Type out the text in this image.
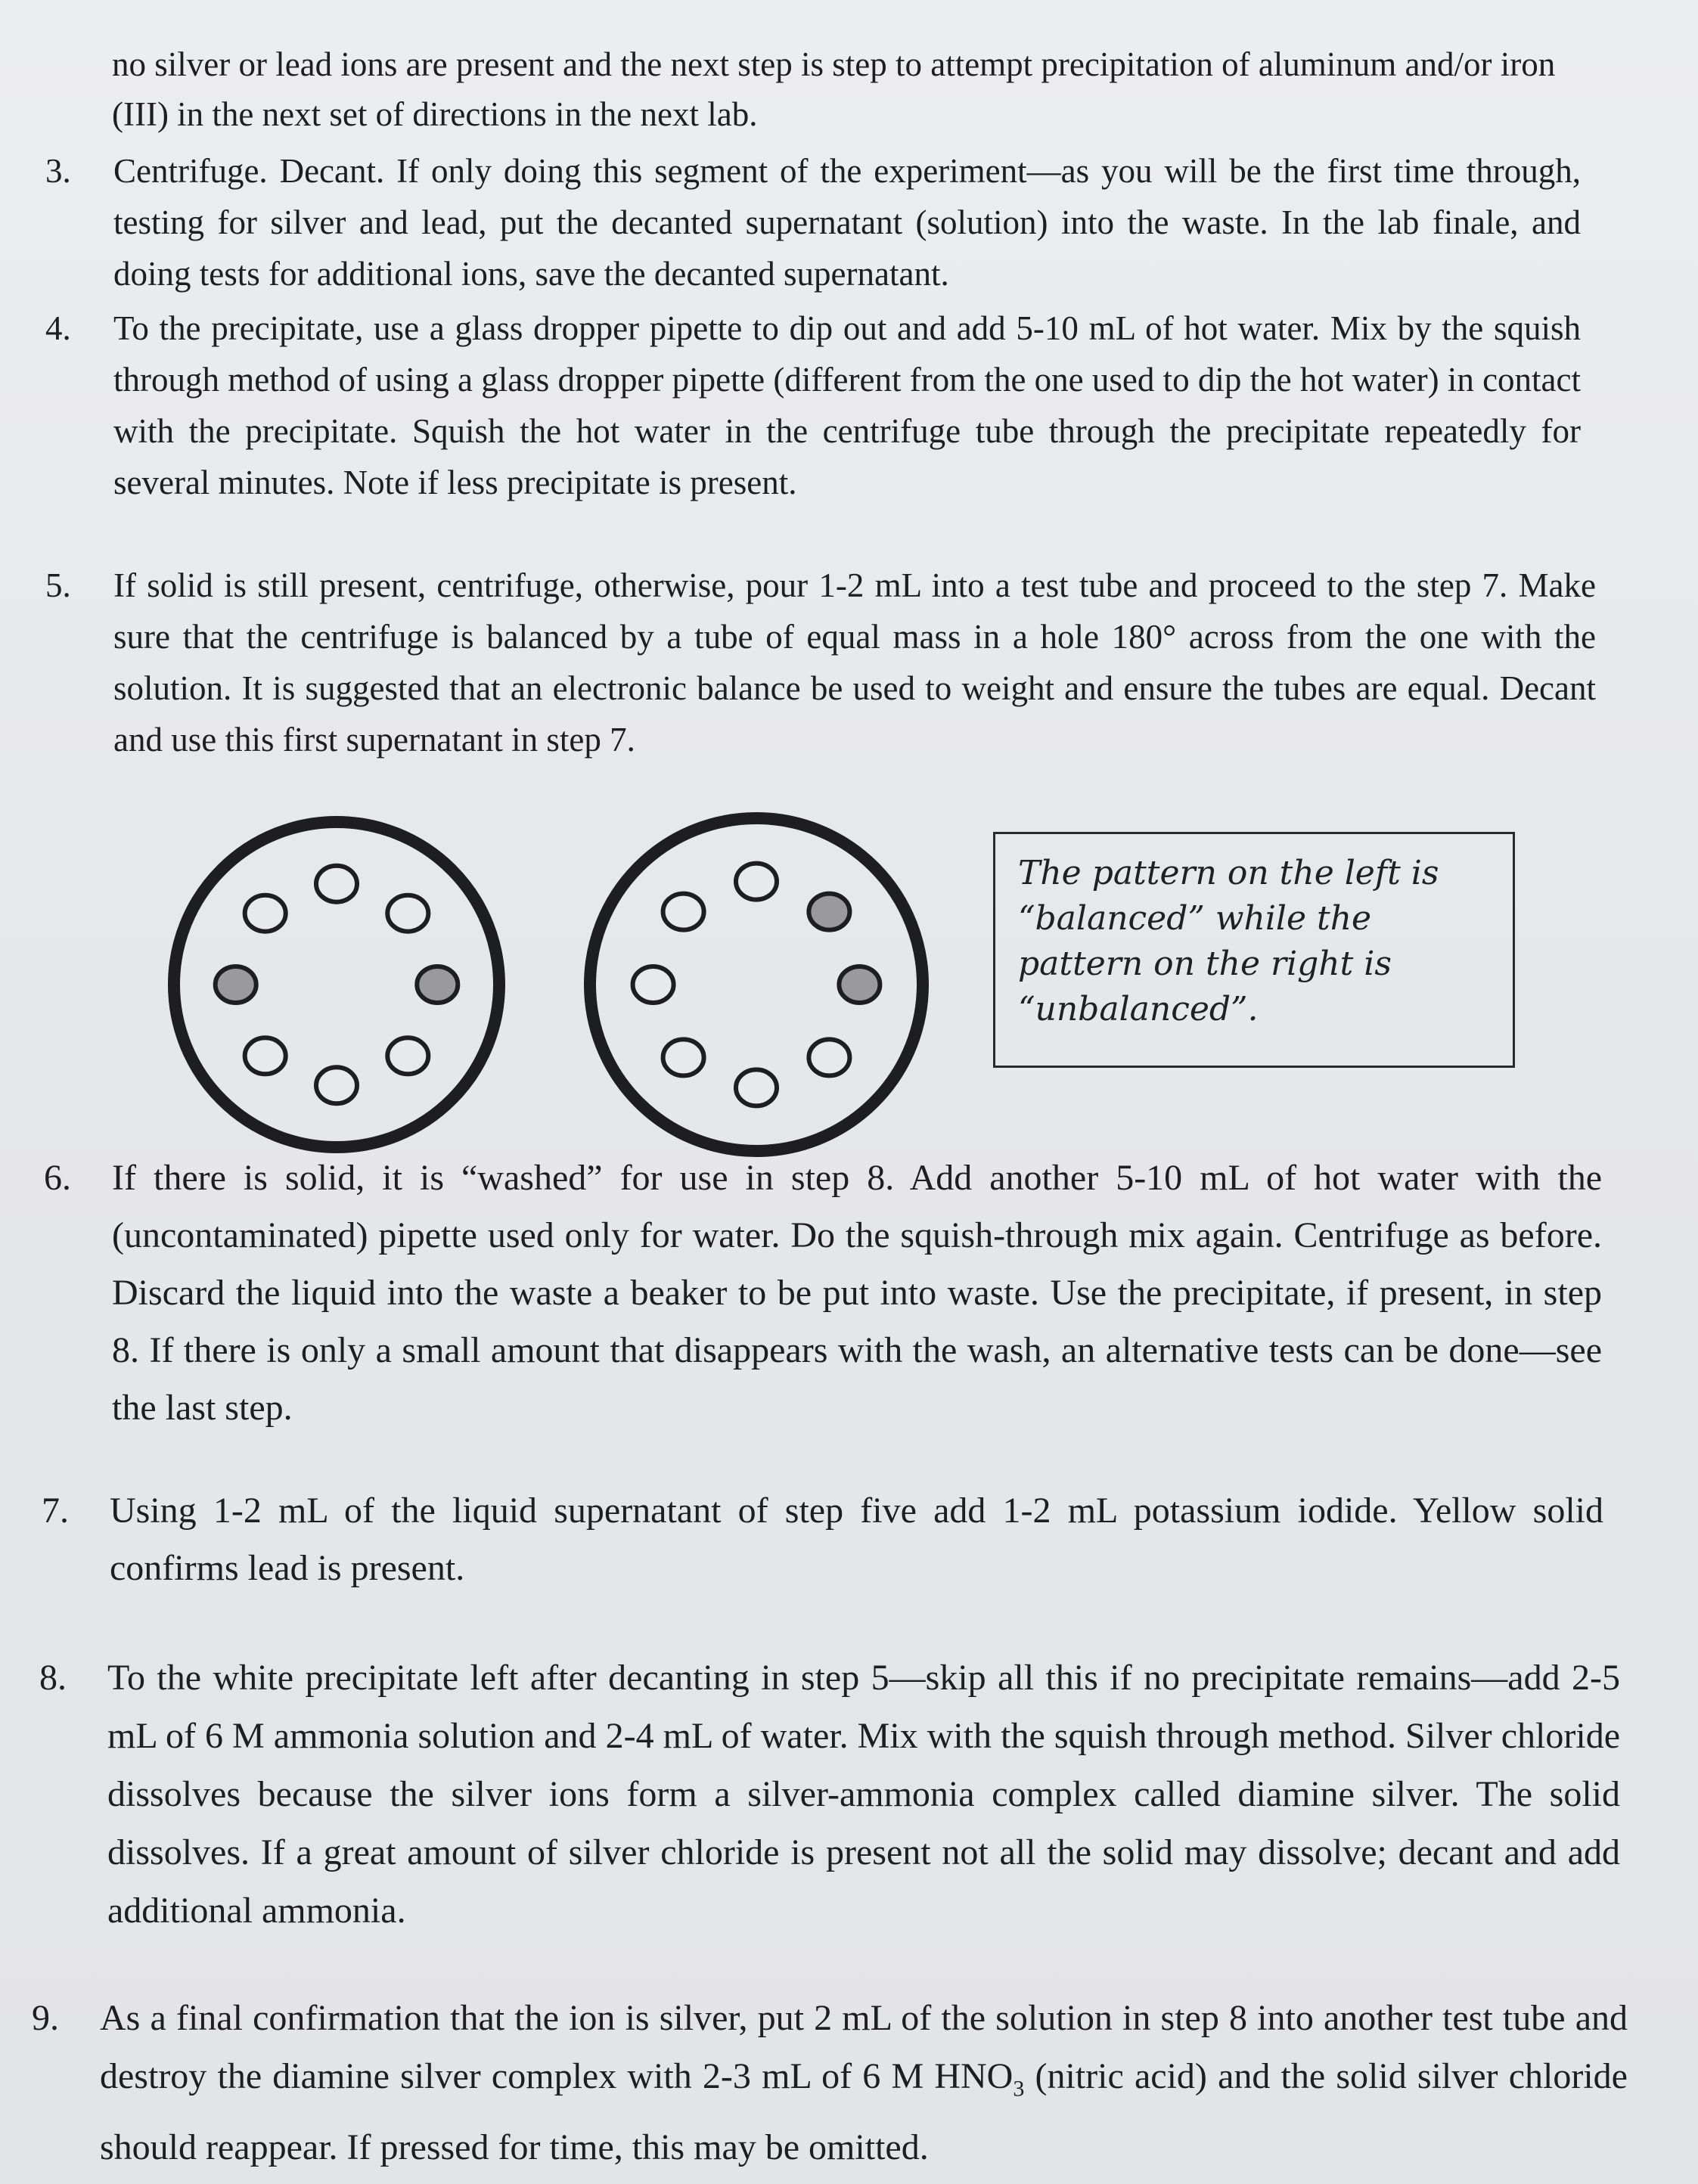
no silver or lead ions are present and the next step is step to attempt precipitation of aluminum and/or iron (III) in the next set of directions in the next lab.
3.	Centrifuge. Decant. If only doing this segment of the experiment—as you will be the first time through, testing for silver and lead, put the decanted supernatant (solution) into the waste. In the lab finale, and doing tests for additional ions, save the decanted supernatant.
4.	To the precipitate, use a glass dropper pipette to dip out and add 5-10 mL of hot water. Mix by the squish through method of using a glass dropper pipette (different from the one used to dip the hot water) in contact with the precipitate. Squish the hot water in the centrifuge tube through the precipitate repeatedly for several minutes. Note if less precipitate is present.
5.	If solid is still present, centrifuge, otherwise, pour 1-2 mL into a test tube and proceed to the step 7. Make sure that the centrifuge is balanced by a tube of equal mass in a hole 180° across from the one with the solution. It is suggested that an electronic balance be used to weight and ensure the tubes are equal. Decant and use this first supernatant in step 7.
The pattern on the left is “balanced” while the pattern on the right is “unbalanced”.
6.	If there is solid, it is “washed” for use in step 8. Add another 5-10 mL of hot water with the (uncontaminated) pipette used only for water. Do the squish-through mix again. Centrifuge as before. Discard the liquid into the waste a beaker to be put into waste. Use the precipitate, if present, in step 8. If there is only a small amount that disappears with the wash, an alternative tests can be done—see the last step.
7.	Using 1-2 mL of the liquid supernatant of step five add 1-2 mL potassium iodide. Yellow solid confirms lead is present.
8.	To the white precipitate left after decanting in step 5—skip all this if no precipitate remains—add 2-5 mL of 6 M ammonia solution and 2-4 mL of water. Mix with the squish through method. Silver chloride dissolves because the silver ions form a silver-ammonia complex called diamine silver. The solid dissolves. If a great amount of silver chloride is present not all the solid may dissolve; decant and add additional ammonia.
9.	As a final confirmation that the ion is silver, put 2 mL of the solution in step 8 into another test tube and destroy the diamine silver complex with 2-3 mL of 6 M $HNO_3$ (nitric acid) and the solid silver chloride should reappear. If pressed for time, this may be omitted.
